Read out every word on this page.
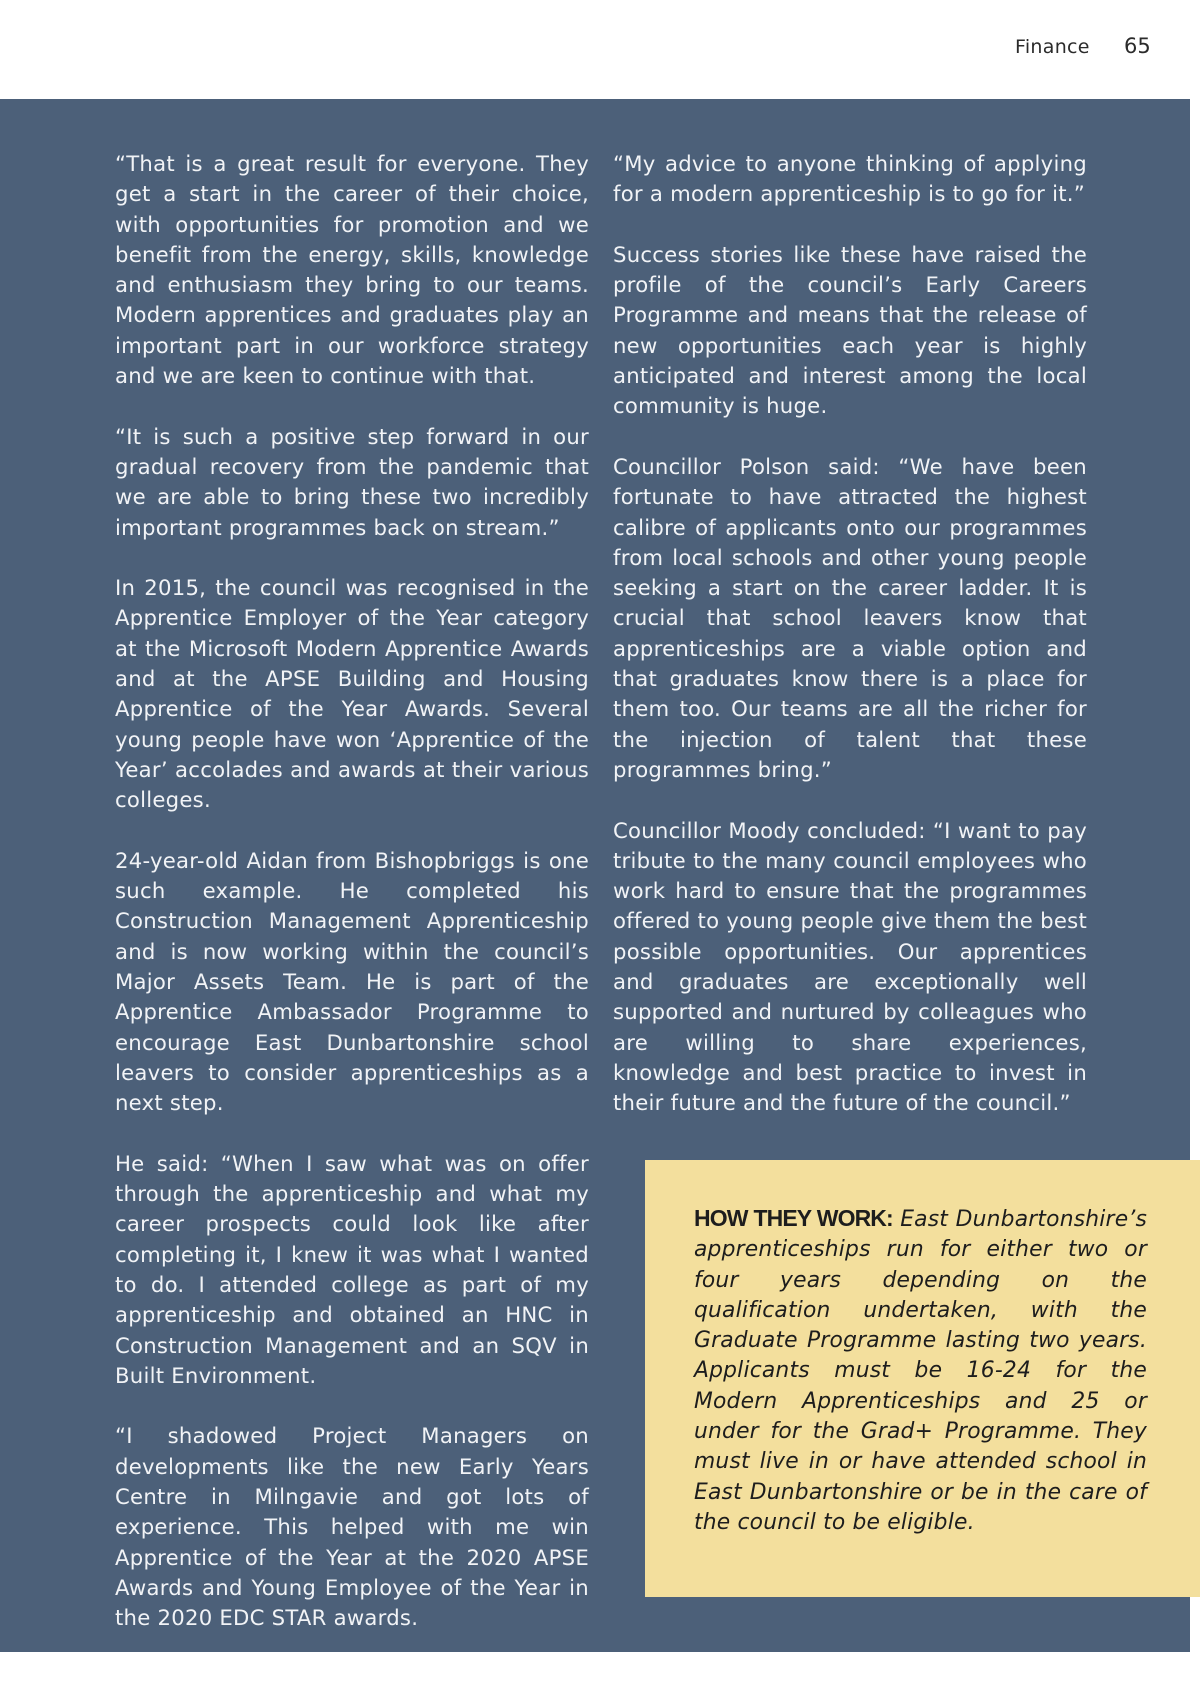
Finance 65

“That is a great result for everyone. They get a start in the career of their choice, with opportunities for promotion and we benefit from the energy, skills, knowledge and enthusiasm they bring to our teams. Modern apprentices and graduates play an important part in our workforce strategy and we are keen to continue with that.

“It is such a positive step forward in our gradual recovery from the pandemic that we are able to bring these two incredibly important programmes back on stream.”

In 2015, the council was recognised in the Apprentice Employer of the Year category at the Microsoft Modern Apprentice Awards and at the APSE Building and Housing Apprentice of the Year Awards. Several young people have won ‘Apprentice of the Year’ accolades and awards at their various colleges.

24-year-old Aidan from Bishopbriggs is one such example. He completed his Construction Management Apprenticeship and is now working within the council’s Major Assets Team. He is part of the Apprentice Ambassador Programme to encourage East Dunbartonshire school leavers to consider apprenticeships as a next step.

He said: “When I saw what was on offer through the apprenticeship and what my career prospects could look like after completing it, I knew it was what I wanted to do. I attended college as part of my apprenticeship and obtained an HNC in Construction Management and an SQV in Built Environment.

“I shadowed Project Managers on developments like the new Early Years Centre in Milngavie and got lots of experience. This helped with me win Apprentice of the Year at the 2020 APSE Awards and Young Employee of the Year in the 2020 EDC STAR awards.

“My advice to anyone thinking of applying for a modern apprenticeship is to go for it.”

Success stories like these have raised the profile of the council’s Early Careers Programme and means that the release of new opportunities each year is highly anticipated and interest among the local community is huge.

Councillor Polson said: “We have been fortunate to have attracted the highest calibre of applicants onto our programmes from local schools and other young people seeking a start on the career ladder. It is crucial that school leavers know that apprenticeships are a viable option and that graduates know there is a place for them too. Our teams are all the richer for the injection of talent that these programmes bring.”

Councillor Moody concluded: “I want to pay tribute to the many council employees who work hard to ensure that the programmes offered to young people give them the best possible opportunities. Our apprentices and graduates are exceptionally well supported and nurtured by colleagues who are willing to share experiences, knowledge and best practice to invest in their future and the future of the council.”

HOW THEY WORK: East Dunbartonshire’s apprenticeships run for either two or four years depending on the qualification undertaken, with the Graduate Programme lasting two years. Applicants must be 16-24 for the Modern Apprenticeships and 25 or under for the Grad+ Programme. They must live in or have attended school in East Dunbartonshire or be in the care of the council to be eligible.
